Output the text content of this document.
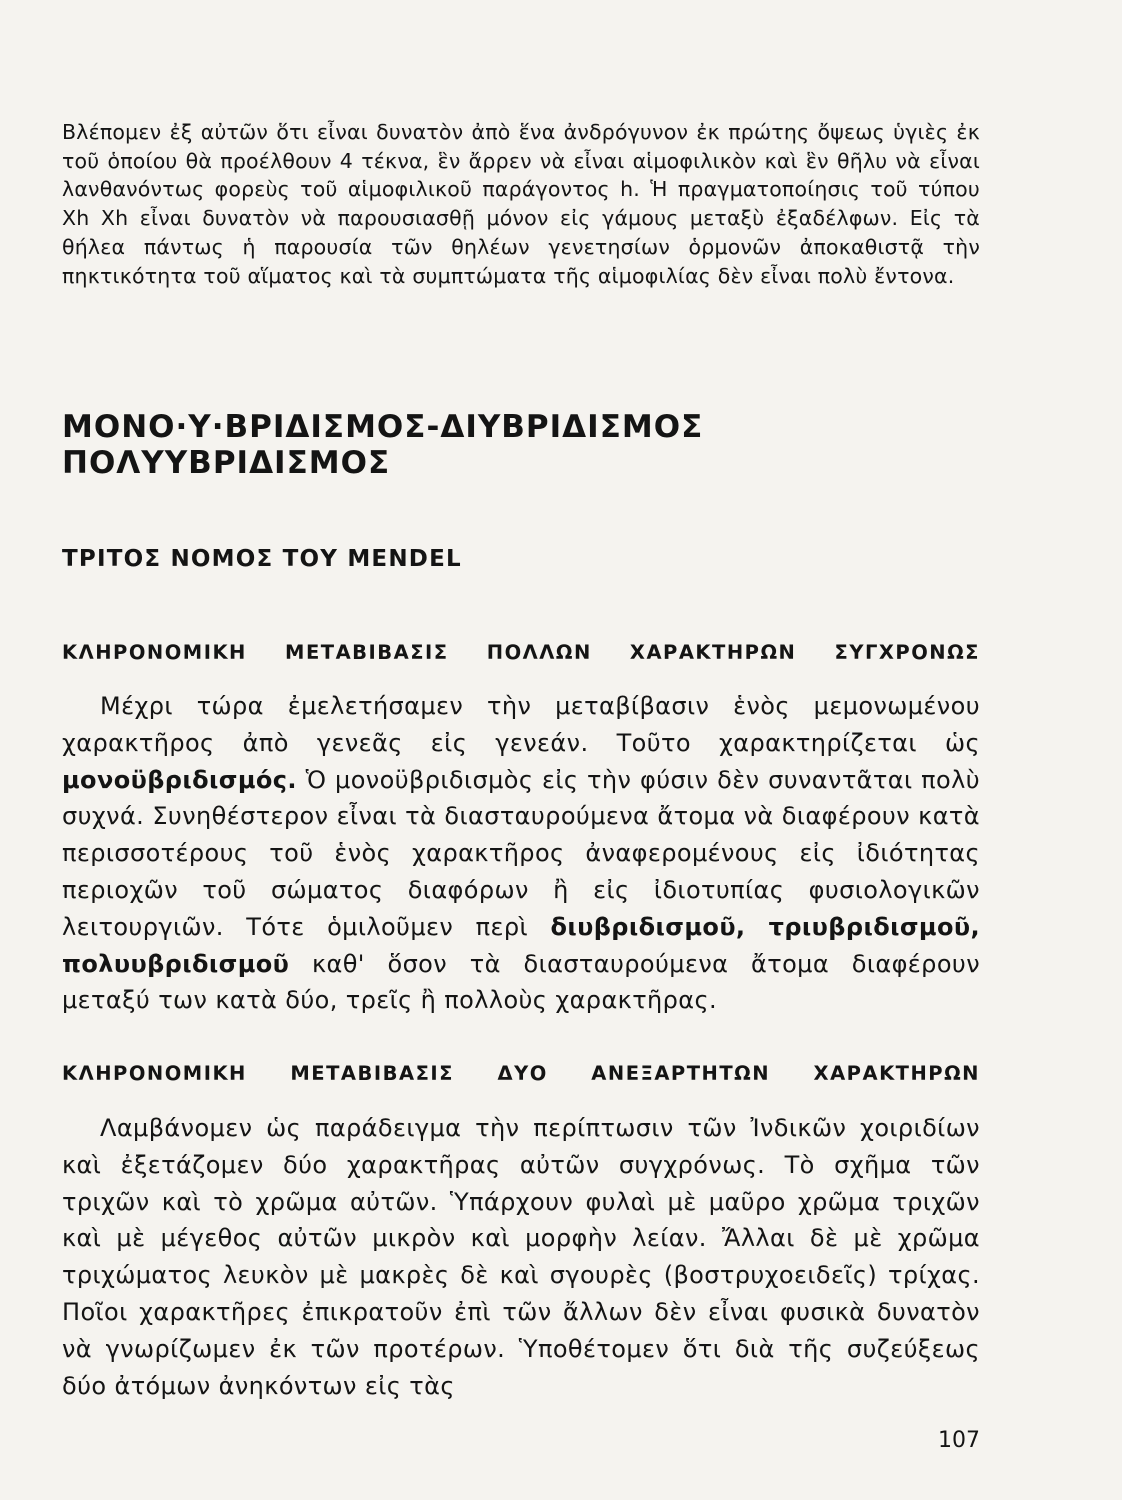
Βλέπομεν ἐξ αὐτῶν ὅτι εἶναι δυνατὸν ἀπὸ ἕνα ἀνδρόγυνον ἐκ πρώτης ὄψεως ὑγιὲς ἐκ τοῦ ὁποίου θὰ προέλθουν 4 τέκνα, ἓν ἄρρεν νὰ εἶναι αἱμοφιλικὸν καὶ ἓν θῆλυ νὰ εἶναι λανθανόντως φορεὺς τοῦ αἱμοφιλικοῦ παράγοντος h. Ἡ πραγματοποίησις τοῦ τύπου Xh Xh εἶναι δυνατὸν νὰ παρουσιασθῇ μόνον εἰς γάμους μεταξὺ ἐξαδέλφων. Εἰς τὰ θήλεα πάντως ἡ παρουσία τῶν θηλέων γενετησίων ὁρμονῶν ἀποκαθιστᾷ τὴν πηκτικότητα τοῦ αἵματος καὶ τὰ συμπτώματα τῆς αἱμοφιλίας δὲν εἶναι πολὺ ἔντονα.

ΜΟΝΟ·Υ·ΒΡΙΔΙΣΜΟΣ-ΔΙΥΒΡΙΔΙΣΜΟΣ
ΠΟΛΥΥΒΡΙΔΙΣΜΟΣ
ΤΡΙΤΟΣ ΝΟΜΟΣ ΤΟΥ MENDEL
ΚΛΗΡΟΝΟΜΙΚΗ ΜΕΤΑΒΙΒΑΣΙΣ ΠΟΛΛΩΝ ΧΑΡΑΚΤΗΡΩΝ ΣΥΓΧΡΟΝΩΣ

Μέχρι τώρα ἐμελετήσαμεν τὴν μεταβίβασιν ἑνὸς μεμονωμένου χαρακτῆρος ἀπὸ γενεᾶς εἰς γενεάν. Τοῦτο χαρακτηρίζεται ὡς μονοϋβριδισμός. Ὁ μονοϋβριδισμὸς εἰς τὴν φύσιν δὲν συναντᾶται πολὺ συχνά. Συνηθέστερον εἶναι τὰ διασταυρούμενα ἄτομα νὰ διαφέρουν κατὰ περισσοτέρους τοῦ ἑνὸς χαρακτῆρος ἀναφερομένους εἰς ἰδιότητας περιοχῶν τοῦ σώματος διαφόρων ἢ εἰς ἰδιοτυπίας φυσιολογικῶν λειτουργιῶν. Τότε ὁμιλοῦμεν περὶ διυβριδισμοῦ, τριυβριδισμοῦ, πολυυβριδισμοῦ καθ' ὅσον τὰ διασταυρούμενα ἄτομα διαφέρουν μεταξύ των κατὰ δύο, τρεῖς ἢ πολλοὺς χαρακτῆρας.

ΚΛΗΡΟΝΟΜΙΚΗ ΜΕΤΑΒΙΒΑΣΙΣ ΔΥΟ ΑΝΕΞΑΡΤΗΤΩΝ ΧΑΡΑΚΤΗΡΩΝ

Λαμβάνομεν ὡς παράδειγμα τὴν περίπτωσιν τῶν Ἰνδικῶν χοιριδίων καὶ ἐξετάζομεν δύο χαρακτῆρας αὐτῶν συγχρόνως. Τὸ σχῆμα τῶν τριχῶν καὶ τὸ χρῶμα αὐτῶν. Ὑπάρχουν φυλαὶ μὲ μαῦρο χρῶμα τριχῶν καὶ μὲ μέγεθος αὐτῶν μικρὸν καὶ μορφὴν λείαν. Ἄλλαι δὲ μὲ χρῶμα τριχώματος λευκὸν μὲ μακρὲς δὲ καὶ σγουρὲς (βοστρυχοειδεῖς) τρίχας. Ποῖοι χαρακτῆρες ἐπικρατοῦν ἐπὶ τῶν ἄλλων δὲν εἶναι φυσικὰ δυνατὸν νὰ γνωρίζωμεν ἐκ τῶν προτέρων. Ὑποθέτομεν ὅτι διὰ τῆς συζεύξεως δύο ἀτόμων ἀνηκόντων εἰς τὰς

107
